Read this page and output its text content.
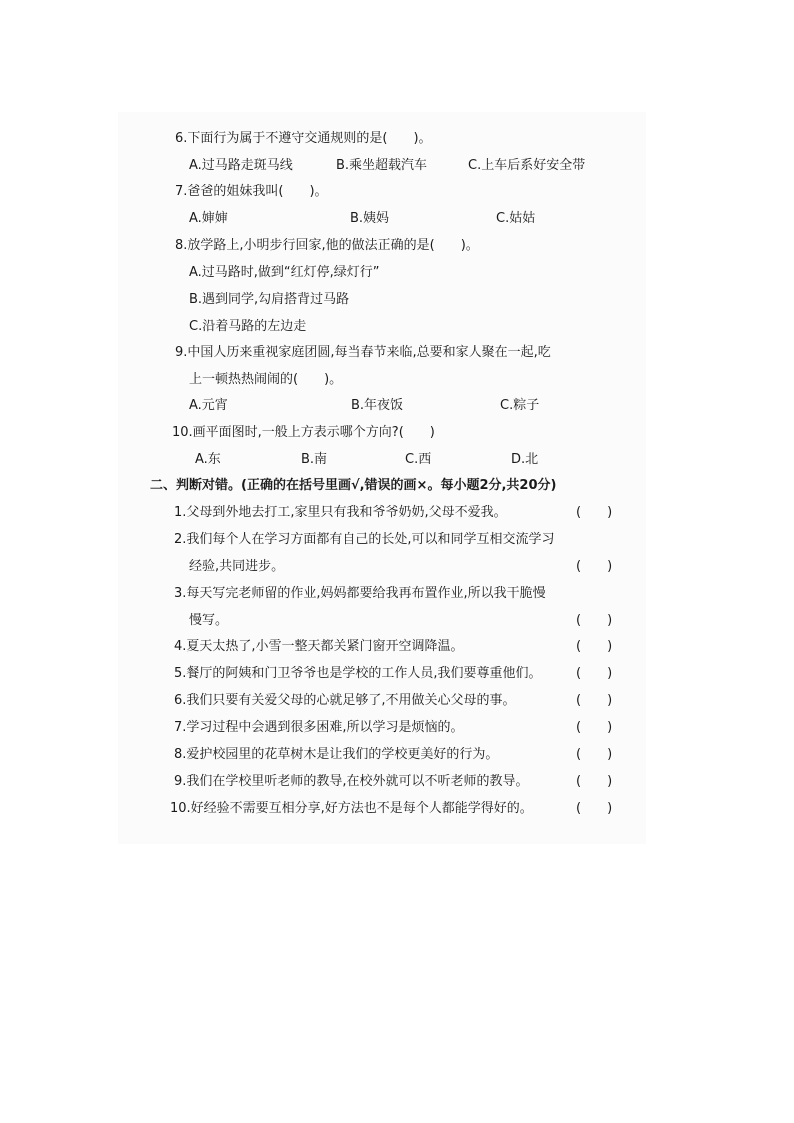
6.下面行为属于不遵守交通规则的是(　　)。
A.过马路走斑马线	B.乘坐超载汽车	C.上车后系好安全带
7.爸爸的姐妹我叫(　　)。
A.婶婶	B.姨妈	C.姑姑
8.放学路上,小明步行回家,他的做法正确的是(　　)。
A.过马路时,做到“红灯停,绿灯行”
B.遇到同学,勾肩搭背过马路
C.沿着马路的左边走
9.中国人历来重视家庭团圆,每当春节来临,总要和家人聚在一起,吃
上一顿热热闹闹的(　　)。
A.元宵	B.年夜饭	C.粽子
10.画平面图时,一般上方表示哪个方向?(　　)
A.东	B.南	C.西	D.北
二、判断对错。(正确的在括号里画√,错误的画×。每小题2分,共20分)
1.父母到外地去打工,家里只有我和爷爷奶奶,父母不爱我。	(　　)
2.我们每个人在学习方面都有自己的长处,可以和同学互相交流学习
经验,共同进步。	(　　)
3.每天写完老师留的作业,妈妈都要给我再布置作业,所以我干脆慢
慢写。	(　　)
4.夏天太热了,小雪一整天都关紧门窗开空调降温。	(　　)
5.餐厅的阿姨和门卫爷爷也是学校的工作人员,我们要尊重他们。	(　　)
6.我们只要有关爱父母的心就足够了,不用做关心父母的事。	(　　)
7.学习过程中会遇到很多困难,所以学习是烦恼的。	(　　)
8.爱护校园里的花草树木是让我们的学校更美好的行为。	(　　)
9.我们在学校里听老师的教导,在校外就可以不听老师的教导。	(　　)
10.好经验不需要互相分享,好方法也不是每个人都能学得好的。	(　　)
